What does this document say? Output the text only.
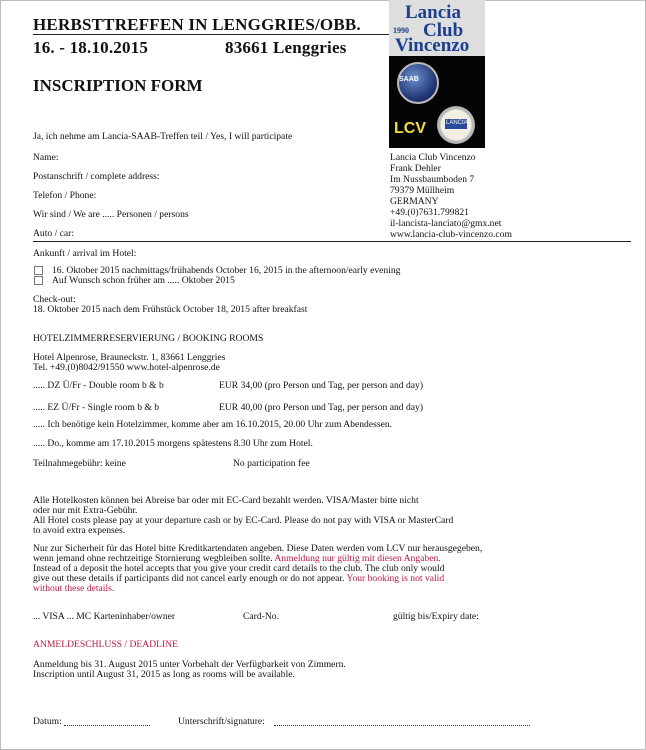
HERBSTTREFFEN IN LENGGRIES/OBB.
16. - 18.10.2015	83661 Lenggries
INSCRIPTION FORM
Lancia
1990 Club
Vincenzo
SAAB
LCV	LANCIA
Lancia Club Vincenzo
Frank Dehler
Im Nussbaumboden 7
79379 Müllheim
GERMANY
+49.(0)7631.799821
il-lancista-lanciato@gmx.net
www.lancia-club-vincenzo.com
Ja, ich nehme am Lancia-SAAB-Treffen teil / Yes, I will participate
Name:
Postanschrift / complete address:
Telefon / Phone:
Wir sind / We are ..... Personen / persons
Auto / car:
Ankunft / arrival im Hotel:
16. Oktober 2015 nachmittags/frühabends October 16, 2015 in the afternoon/early evening
Auf Wunsch schon früher am ..... Oktober 2015
Check-out:
18. Oktober 2015 nach dem Frühstück October 18, 2015 after breakfast
HOTELZIMMERRESERVIERUNG / BOOKING ROOMS
Hotel Alpenrose, Brauneckstr. 1, 83661 Lenggries
Tel. +49.(0)8042/91550 www.hotel-alpenrose.de
..... DZ Ü/Fr - Double room b & b	EUR 34,00 (pro Person und Tag, per person and day)
..... EZ Ü/Fr - Single room b & b	EUR 40,00 (pro Person und Tag, per person and day)
..... Ich benötige kein Hotelzimmer, komme aber am 16.10.2015, 20.00 Uhr zum Abendessen.
..... Do., komme am 17.10.2015 morgens spätestens 8.30 Uhr zum Hotel.
Teilnahmegebühr: keine	No participation fee
Alle Hotelkosten können bei Abreise bar oder mit EC-Card bezahlt werden. VISA/Master bitte nicht
oder nur mit Extra-Gebühr.
All Hotel costs please pay at your departure cash or by EC-Card. Please do not pay with VISA or MasterCard
to avoid extra expenses.
Nur zur Sicherheit für das Hotel bitte Kreditkartendaten angeben. Diese Daten werden vom LCV nur herausgegeben,
wenn jemand ohne rechtzeitige Stornierung wegbleiben sollte. Anmeldung nur gültig mit diesen Angaben.
Instead of a deposit the hotel accepts that you give your credit card details to the club. The club only would
give out these details if participants did not cancel early enough or do not appear. Your booking is not valid
without these details.
... VISA ... MC Karteninhaber/owner	Card-No.	gültig bis/Expiry date:
ANMELDESCHLUSS / DEADLINE
Anmeldung bis 31. August 2015 unter Vorbehalt der Verfügbarkeit von Zimmern.
Inscription until August 31, 2015 as long as rooms will be available.
Datum:	Unterschrift/signature:
